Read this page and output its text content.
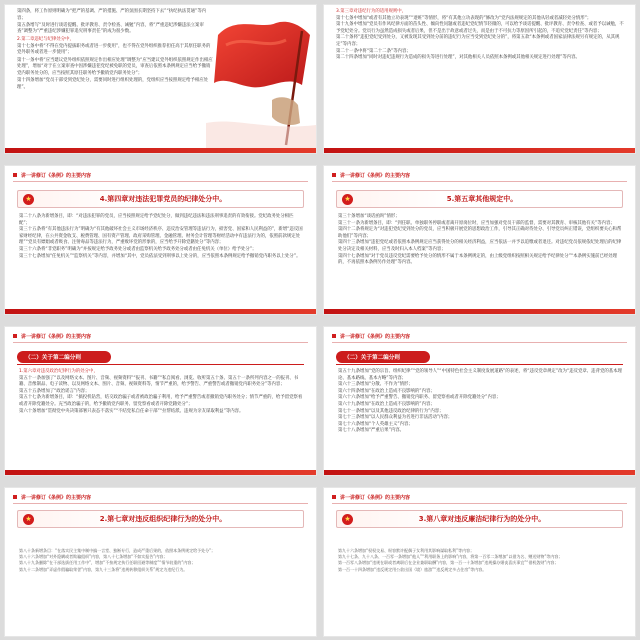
第四条，将工作原则明确为“把严的基调、严的措施、严的氛围长期坚持下去”“执纪执法贯通”等内容；

第五条增写“及时进行谈话提醒、批评教育、责令检查、诫勉”内容，将“严重违纪涉嫌违法立案审查”调整为“严重违纪涉嫌犯罪追究刑事责任”的成为很少数。

2.第二章违纪与纪律处分中，

第十七条中将“不得在党内提拔职务或者进一步使用”，也不得在党外组织推荐担任高于其原任职务的党外职务或者进一步使用”；

第十一条中将“应当建议党外组织依照规定作出相应处理”调整为“应当建议党外组织依照规定作出相应处理”，增加“对于在立案审查中因涉嫌违犯党纪被免职的党员，审查后依照本条例规定应当给予撤销党内职务处分的，应当按照其原任职务给予撤销党内职务处分”；

第十四条增加“党员干部受到党纪处分，需要同时进行组织处理的，党组织应当按照规定给予相应处理”。

3.第三章对违纪行为的适用规则中，

第十七条中增加“或者有其他立功表现”“退赃”等情形，将“有其他立功表现的”修改为“党内法规规定的其他从轻或者减轻处分情形”；

第十九条中增加“党员有作风纪律方面的苗头性、倾向性问题或者违纪党纪情节轻微的，可以给予谈话提醒、批评教育、责令检查、或者予以诫勉，不予党纪处分。党员行为虽然造成损失或者后果，但不是出于故意或者过失，而是由于不可抗力等原因所引起的，不追究党纪责任”等内容；

第二十条将“违犯党纪受到处分，又被发现其受到处分前的违纪行为应当受到党纪处分的”，将第五款“本条例或者国家法律法规另有规定的，从其规定”等内容；

第二十一条中将“第二十二条”等内容；

第二十四条增加“同时对违纪违规行为造成的损失等进行处理”，对其他相关人员依照本条例或其他相关规定进行处理”等内容。

讲一讲修订《条例》的主要内容
★	4.第四章对违法犯罪党员的纪律处分中。

第二十八条为新增条目，即：“对违法犯罪的党员，应当按照规定给予党纪处分，做到违纪违法和违法刑事追责的有效衔接。党纪政务处分相匹配”；

第三十五条将“有其他违法行为”明确为“有其他破坏社会主义市场经济秩序、违反治安管理等违法行为，损害党、国家和人民利益的”，新增“违反国家财经纪律，在公共资金收支、税费管理、国有资产管理、政府采购管理、金融管理、财务会计管理等财经活动中有违法行为的，依照前款规定处理”“党员有嫖娼或者吸食、注射毒品等违法行为，严重败坏党的形象的，应当给予开除党籍处分”等内容；

第三十六条将“非党职务”明确为“并按规定给予政务处分或者由监察机关给予政务处分或者由任免机关（单位）给予处分”；

第三十七条增加“任免机关”“监察机关”等内容，并增加“其中，党员依法受到刑事以上处分的，应当依照本条例规定给予撤销党内职务以上处分”。

讲一讲修订《条例》的主要内容
★	5.第五章其他规定中。

第三十条增加“谈话函询”情形；

第三十一条为新增条目，即：“到任职、单独职务停职或者离开原岗位时，应当加强对党员干部的监督，需要对其教育、审核其他有关”等内容；

第四十二条将规定为“对违犯党纪受到处分的党员，应当积极开展党的思想政治工作，引导其正确对待处分、引导党员纠正错误，党组织要关心和帮助他们”等内容；

第四十三条增加“违犯党纪或者依照本条例规定应当获得处分的相关经济利益，应当依法一并予以追缴或者退还。对违纪党员依规依纪处理后的纪律处分决定及相关材料，应当及时归入本人档案”等内容；

第四十七条增加“对于党员违反党纪需要给予处分的情形不属于本条例规定的，由上级党组织按照相关规定给予纪律处分”“本条例实施前已经处理的，不再依照本条例另作处理”等内容。

讲一讲修订《条例》的主要内容
（二）关于第二编分则

1.第六章对违反政治纪律行为的处分中，

第五十一条加强了“以及网络文本、图片、音频、视频资料”“报刊、书籍”“私自阅看、浏览、收听第五十条、第五十一条所列内容之一的报刊、书籍、音像制品、电子读物、以及网络文本、图片、音频、视频资料等，情节严重的，给予警告、严重警告或者撤销党内职务处分”等内容；

第五十五条增加了“政治谣言”内容；

第五十七条为新增条目，即：“搞投机钻营，结交政治骗子或者被政治骗子利用，给予严重警告或者撤销党内职务处分；情节严重的，给予留党察看或者开除党籍处分。充当政治骗子的，给予撤销党内职务、留党察看或者开除党籍处分”；

第六十条增加“贯彻党中央决策部署只表态不落实”“不结党私自任命干部”“拉帮结派、违规为亲友谋取利益”等内容。

讲一讲修订《条例》的主要内容
（二）关于第二编分则

第五十九条增加“党的宗旨、组织纪律”“党的领导人”“中国特色社会主义制度发展道路”的表述，将“违反党章规定”改为“违反党章、违背党的基本理论、基本路线、基本方略”等内容；

第六十三条增加“分散、不作为”情形；

第六十四条增加“在政治上造成不良影响的”内容；

第六十六条增加“给予严重警告、撤销党内职务、留党察看或者开除党籍处分”内容；

第六十九条增加“在政治上造成不良影响的”内容；

第七十一条增加“以及其他违反政治纪律的行为”内容；

第七十三条增加“以人民群众利益为名进行非法活动”内容；

第七十六条增加“个人英雄主义”内容；

第七十八条增加“严重后果”内容。

讲一讲修订《条例》的主要内容
★	2.第七章对违反组织纪律行为的处分中。

第八十条新增条目：“在落实民主集中制中搞一言堂、独断专行，造成严重后果的，依照本条例规定给予处分”；

第八十六条增加“对外隐瞒或者欺骗组织”内容，第八十七条增加“不如实报告”内容；

第八十九条删除“在干部选拔任用工作中”，增加“不按规定执行任职回避等制度”“情节较重的”内容；

第九十二条增加“弄虚作假骗取荣誉”内容，第九十三条将“违规转移组织关系”规定为违纪行为。

讲一讲修订《条例》的主要内容
★	3.第八章对违反廉洁纪律行为的处分中。

第九十六条增加“权权交易、纵容默许配偶子女利用其影响谋取私利”等内容；

第九十七条、九十八条、一百零一条增加“他人”“利用职务上的影响”内容，将第一百零二条增加“以借为名、赠送财物”等内容；

第一百零八条增加“违规在职或者离职后在企业兼职取酬”内容，第一百一十条增加“违规操办婚丧喜庆事宜”“借机敛财”内容；

第一百一十四条增加“违反规定用公款出国（境）旅游”“违反规定多占住房”等内容。
